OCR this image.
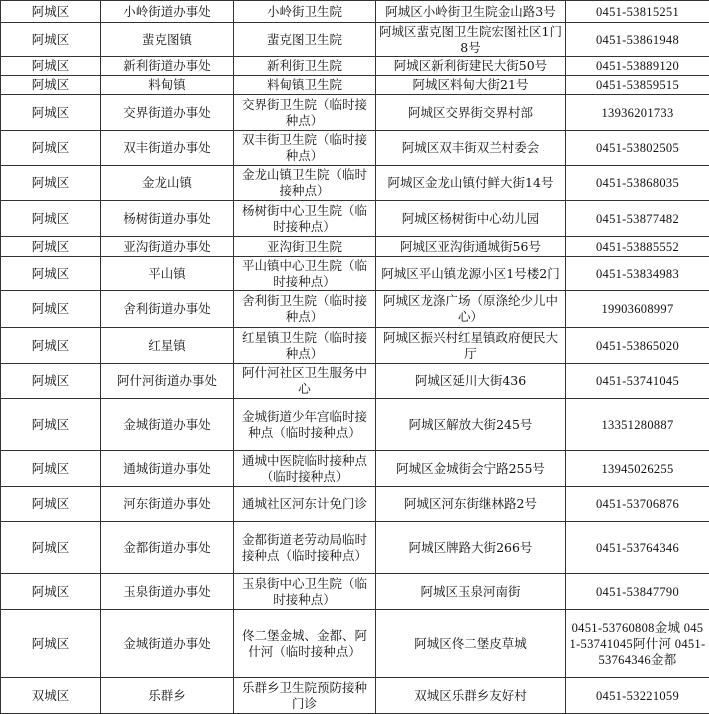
阿城区	小岭街道办事处	小岭街卫生院	阿城区小岭街卫生院金山路3号	0451-53815251
阿城区	蜚克图镇	蜚克图卫生院	阿城区蜚克图卫生院宏图社区1门8号	0451-53861948
阿城区	新利街道办事处	新利街卫生院	阿城区新利街建民大街50号	0451-53889120
阿城区	料甸镇	料甸镇卫生院	阿城区料甸大街21号	0451-53859515
阿城区	交界街道办事处	交界街卫生院（临时接种点）	阿城区交界街交界村部	13936201733
阿城区	双丰街道办事处	双丰街卫生院（临时接种点）	阿城区双丰街双兰村委会	0451-53802505
阿城区	金龙山镇	金龙山镇卫生院（临时接种点）	阿城区金龙山镇付鲜大街14号	0451-53868035
阿城区	杨树街道办事处	杨树街中心卫生院（临时接种点）	阿城区杨树街中心幼儿园	0451-53877482
阿城区	亚沟街道办事处	亚沟街卫生院	阿城区亚沟街通城街56号	0451-53885552
阿城区	平山镇	平山镇中心卫生院（临时接种点）	阿城区平山镇龙源小区1号楼2门	0451-53834983
阿城区	舍利街道办事处	舍利街卫生院（临时接种点）	阿城区龙涤广场（原涤纶少儿中心）	19903608997
阿城区	红星镇	红星镇卫生院（临时接种点）	阿城区振兴村红星镇政府便民大厅	0451-53865020
阿城区	阿什河街道办事处	阿什河社区卫生服务中心	阿城区延川大街436	0451-53741045
阿城区	金城街道办事处	金城街道少年宫临时接种点（临时接种点）	阿城区解放大街245号	13351280887
阿城区	通城街道办事处	通城中医院临时接种点（临时接种点）	阿城区金城街会宁路255号	13945026255
阿城区	河东街道办事处	通城社区河东计免门诊	阿城区河东街继林路2号	0451-53706876
阿城区	金都街道办事处	金都街道老劳动局临时接种点（临时接种点）	阿城区牌路大街266号	0451-53764346
阿城区	玉泉街道办事处	玉泉街中心卫生院（临时接种点）	阿城区玉泉河南街	0451-53847790
阿城区	金城街道办事处	佟二堡金城、金都、阿什河（临时接种点）	阿城区佟二堡皮草城	0451-53760808金城 0451-53741045阿什河 0451-53764346金都
双城区	乐群乡	乐群乡卫生院预防接种门诊	双城区乐群乡友好村	0451-53221059
